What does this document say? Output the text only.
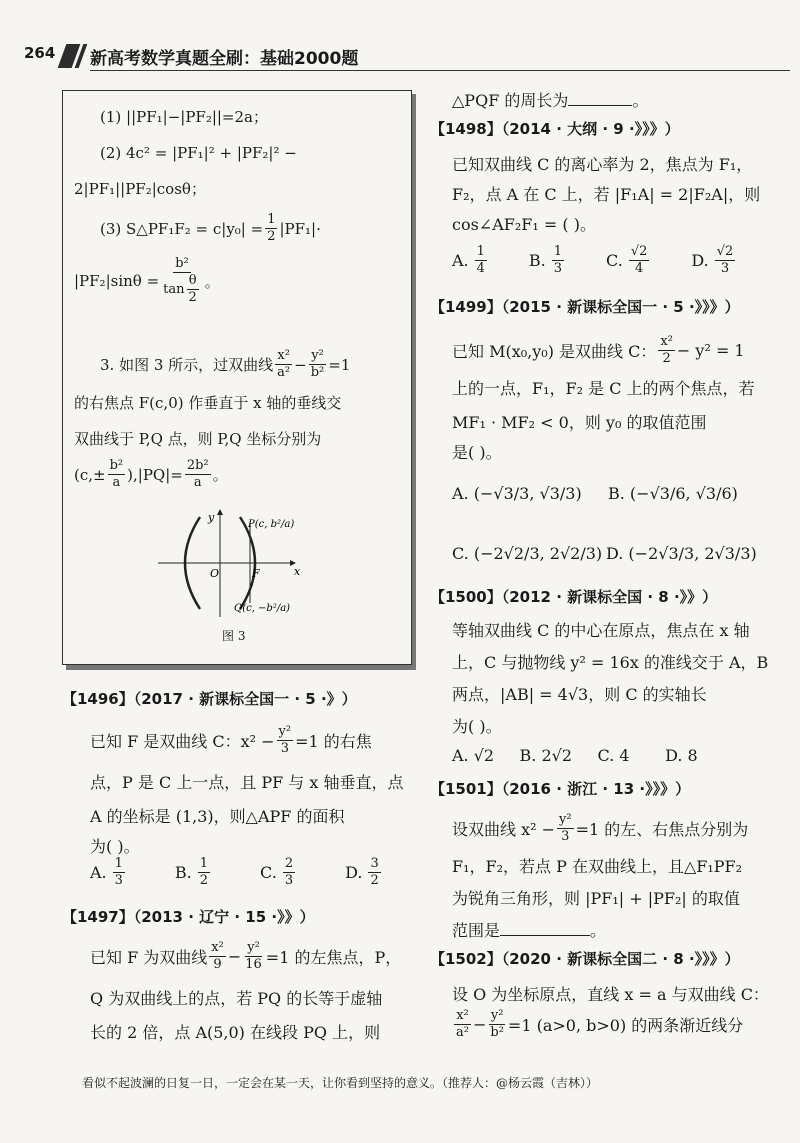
264 新高考数学真题全刷：基础2000题
(1) ||PF₁|−|PF₂||=2a；
(2) 4c² = |PF₁|² + |PF₂|² −
2|PF₁||PF₂|cosθ；
(3) S△PF₁F₂ = $c|y_0| = \frac{1}{2} |PF_1|\cdot$
$|PF_2|\sin\theta = \frac{\text{b²}}{\tan \frac{\theta}{2}}$ 。
3. 如图 3 所示，过双曲线 $\frac{\text{x²}}{\text{a²}} - \frac{\text{y²}}{\text{b²}} =1$
的右焦点 F(c,0) 作垂直于 x 轴的垂线交
双曲线于 P,Q 点，则 P,Q 坐标分别为
$(c,\pm \frac{\text{b²}}{a} ),|PQ|= \frac{\text{2b²}}{a}$ 。
y
x
O	F
P(c, b²/a)
Q(c, −b²/a)
图 3
【1496】（2017 · 新课标全国一 · 5 ·》）
已知 F 是双曲线 C：$x^2 - \frac{\text{y²}}{3} =1$ 的右焦
点，P 是 C 上一点，且 PF 与 x 轴垂直，点
A 的坐标是 (1,3)，则△APF 的面积
为( )。
A. $\frac{1}{3}$	B. $\frac{1}{2}$	C. $\frac{2}{3}$	D. $\frac{3}{2}$
【1497】（2013 · 辽宁 · 15 ·》》）
已知 F 为双曲线 $\frac{\text{x²}}{9} - \frac{\text{y²}}{16} =1$ 的左焦点，P，
Q 为双曲线上的点，若 PQ 的长等于虚轴
长的 2 倍，点 A(5,0) 在线段 PQ 上，则
△PQF 的周长为	。
【1498】（2014 · 大纲 · 9 ·》》》）
已知双曲线 C 的离心率为 2，焦点为 F₁，
F₂，点 A 在 C 上，若 |F₁A| = 2|F₂A|，则
cos∠AF₂F₁ = ( )。
A. $\frac{1}{4}$	B. $\frac{1}{3}$	C. $\frac{√2}{4}$	D. $\frac{√2}{3}$
【1499】（2015 · 新课标全国一 · 5 ·》》》）
已知 M(x₀,y₀) 是双曲线 C： $\frac{\text{x²}}{2} - y^2 = 1$
上的一点，F₁，F₂ 是 C 上的两个焦点，若
MF₁ · MF₂ < 0，则 y₀ 的取值范围
是( )。
A. (−√3/3, √3/3) B. (−√3/6, √3/6)
C. (−2√2/3, 2√2/3) D. (−2√3/3, 2√3/3)
【1500】（2012 · 新课标全国 · 8 ·》》）
等轴双曲线 C 的中心在原点，焦点在 x 轴
上，C 与抛物线 y² = 16x 的准线交于 A，B
两点，|AB| = 4√3，则 C 的实轴长
为( )。
A. √2     B. 2√2     C. 4       D. 8
【1501】（2016 · 浙江 · 13 ·》》》）
设双曲线 $x^2 - \frac{\text{y²}}{3} =1$ 的左、右焦点分别为
F₁，F₂，若点 P 在双曲线上，且△F₁PF₂
为锐角三角形，则 |PF₁| + |PF₂| 的取值
范围是	。
【1502】（2020 · 新课标全国二 · 8 ·》》》）
设 O 为坐标原点，直线 x = a 与双曲线 C：
$\frac{\text{x²}}{\text{a²}} - \frac{\text{y²}}{\text{b²}} =1$ (a>0, b>0) 的两条渐近线分
看似不起波澜的日复一日，一定会在某一天，让你看到坚持的意义。（推荐人：@杨云霞（吉林））
